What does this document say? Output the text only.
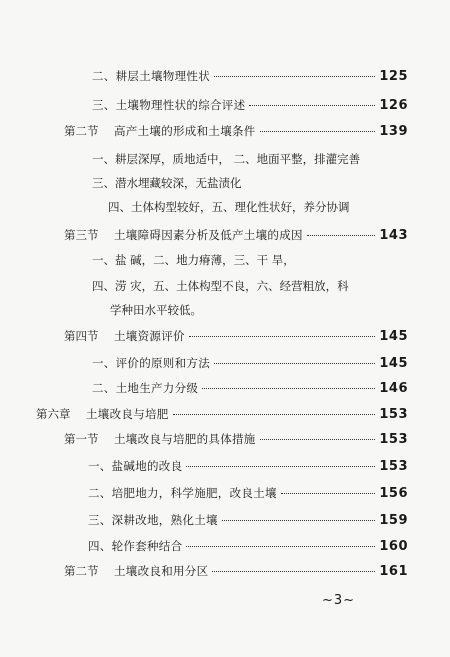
二、耕层土壤物理性状	125
三、土壤物理性状的综合评述	126
第二节	高产土壤的形成和土壤条件	139
一、耕层深厚，质地适中， 二、地面平整，排灌完善
三、潜水埋藏较深，无盐渍化
四、土体构型较好，五、理化性状好，养分协调
第三节	土壤障碍因素分析及低产土壤的成因	143
一、盐 碱，二、地力瘠薄，三、干 旱，
四、涝 灾，五、土体构型不良，六、经营粗放，科
学种田水平较低。
第四节	土壤资源评价	145
一、评价的原则和方法	145
二、土地生产力分级	146
第六章	土壤改良与培肥	153
第一节	土壤改良与培肥的具体措施	153
一、盐碱地的改良	153
二、培肥地力，科学施肥，改良土壤	156
三、深耕改地，熟化土壤	159
四、轮作套种结合	160
第二节	土壤改良和用分区	161
~3~
